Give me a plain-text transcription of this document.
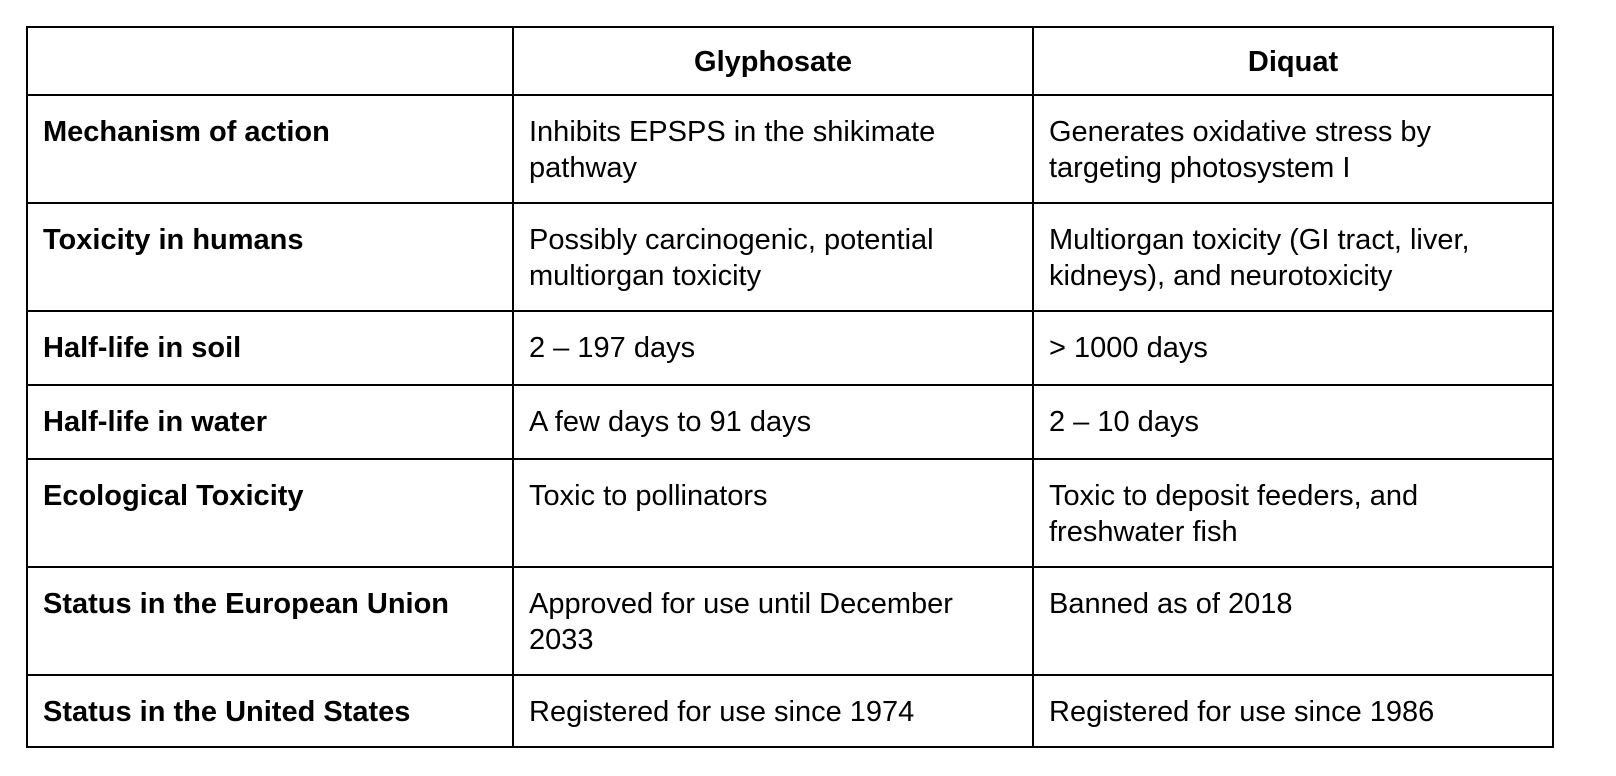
	Glyphosate	Diquat
Mechanism of action	Inhibits EPSPS in the shikimate pathway	Generates oxidative stress by targeting photosystem I
Toxicity in humans	Possibly carcinogenic, potential multiorgan toxicity	Multiorgan toxicity (GI tract, liver, kidneys), and neurotoxicity
Half-life in soil	2 – 197 days	> 1000 days
Half-life in water	A few days to 91 days	2 – 10 days
Ecological Toxicity	Toxic to pollinators	Toxic to deposit feeders, and freshwater fish
Status in the European Union	Approved for use until December 2033	Banned as of 2018
Status in the United States	Registered for use since 1974	Registered for use since 1986
